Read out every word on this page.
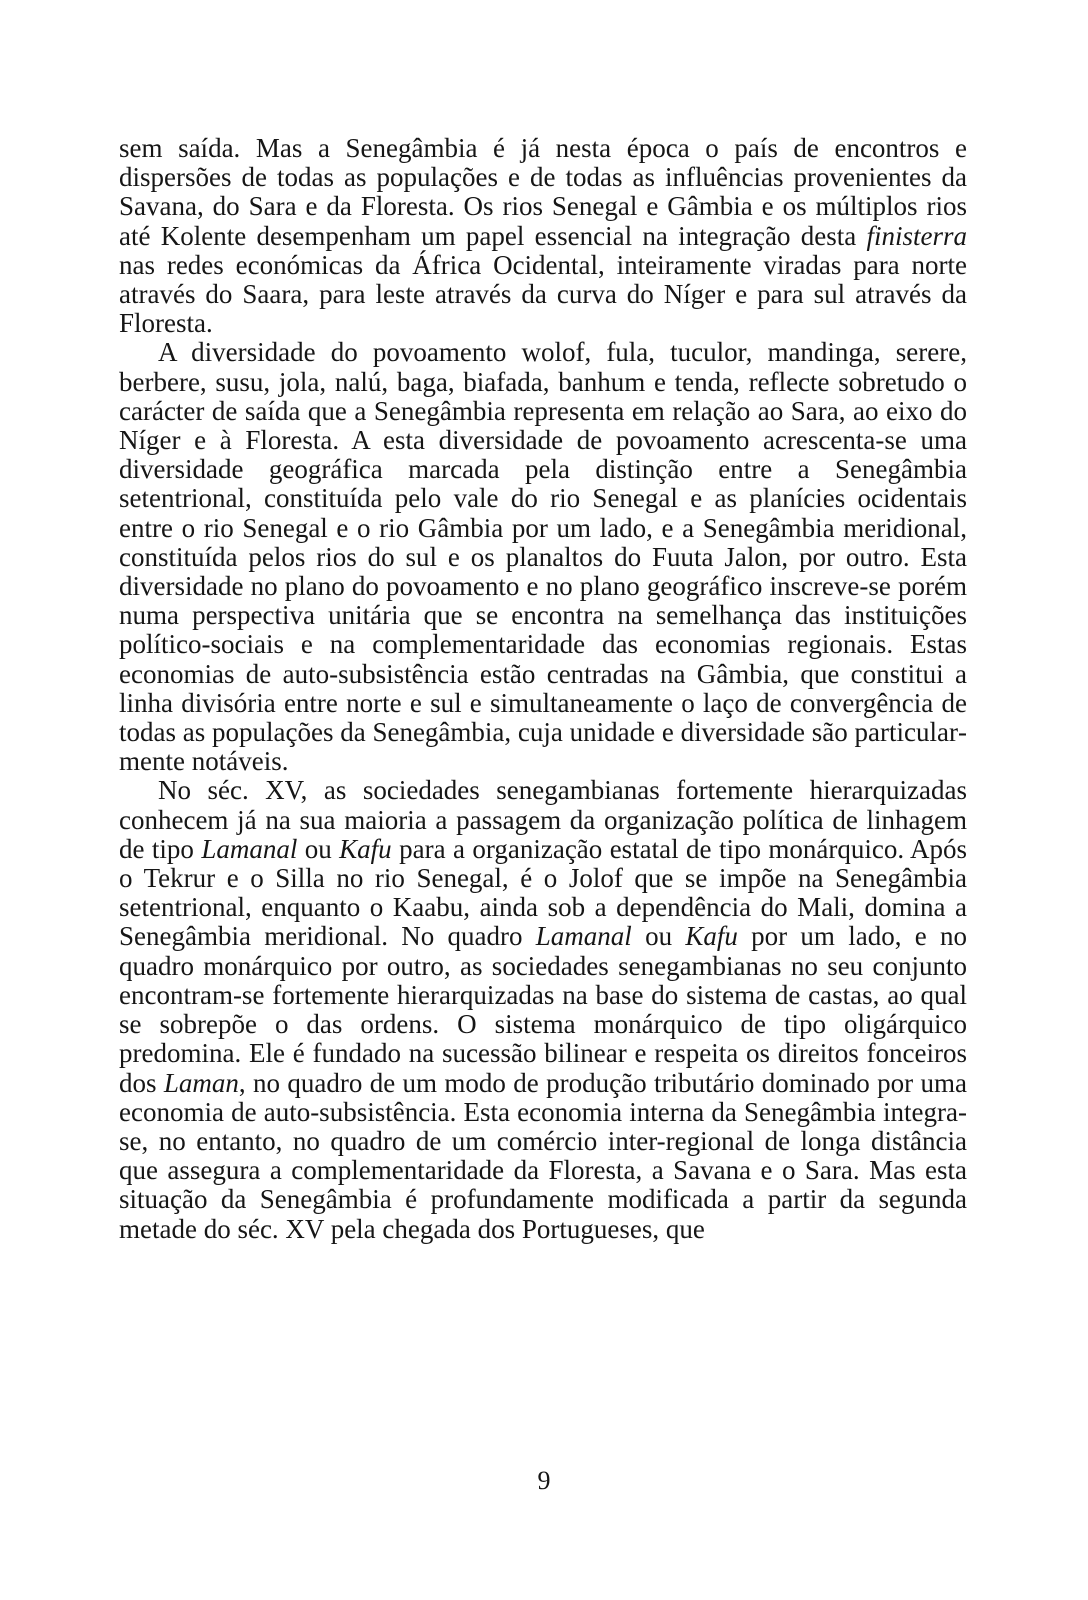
sem saída. Mas a Senegâmbia é já nesta época o país de encontros e dispersões de todas as populações e de todas as influências provenientes da Savana, do Sara e da Floresta. Os rios Senegal e Gâmbia e os múltiplos rios até Kolente desempenham um papel essencial na integração desta finisterra nas redes económicas da África Ocidental, inteiramente viradas para norte através do Saara, para leste através da curva do Níger e para sul através da Floresta.

A diversidade do povoamento wolof, fula, tuculor, mandinga, serere, berbere, susu, jola, nalú, baga, biafada, banhum e tenda, reflecte sobretudo o carácter de saída que a Senegâmbia representa em relação ao Sara, ao eixo do Níger e à Floresta. A esta diversidade de povoamento acrescenta-se uma diversidade geográfica marcada pela distinção entre a Senegâmbia setentrional, constituída pelo vale do rio Senegal e as planícies ocidentais entre o rio Senegal e o rio Gâmbia por um lado, e a Senegâmbia meridional, constituída pelos rios do sul e os planaltos do Fuuta Jalon, por outro. Esta diversidade no plano do povoamento e no plano geográfico inscreve-se porém numa perspectiva unitária que se encontra na semelhança das instituições político-sociais e na complementaridade das economias regionais. Estas economias de auto-subsistência estão centradas na Gâmbia, que constitui a linha divisória entre norte e sul e simultaneamente o laço de convergência de todas as populações da Senegâmbia, cuja unidade e diversidade são particularmente notáveis.

No séc. XV, as sociedades senegambianas fortemente hierarquizadas conhecem já na sua maioria a passagem da organização política de linhagem de tipo Lamanal ou Kafu para a organização estatal de tipo monárquico. Após o Tekrur e o Silla no rio Senegal, é o Jolof que se impõe na Senegâmbia setentrional, enquanto o Kaabu, ainda sob a dependência do Mali, domina a Senegâmbia meridional. No quadro Lamanal ou Kafu por um lado, e no quadro monárquico por outro, as sociedades senegambianas no seu conjunto encontram-se fortemente hierarquizadas na base do sistema de castas, ao qual se sobrepõe o das ordens. O sistema monárquico de tipo oligárquico predomina. Ele é fundado na sucessão bilinear e respeita os direitos fonceiros dos Laman, no quadro de um modo de produção tributário dominado por uma economia de auto-subsistência. Esta economia interna da Senegâmbia integra-se, no entanto, no quadro de um comércio inter-regional de longa distância que assegura a complementaridade da Floresta, a Savana e o Sara. Mas esta situação da Senegâmbia é profundamente modificada a partir da segunda metade do séc. XV pela chegada dos Portugueses, que

9
